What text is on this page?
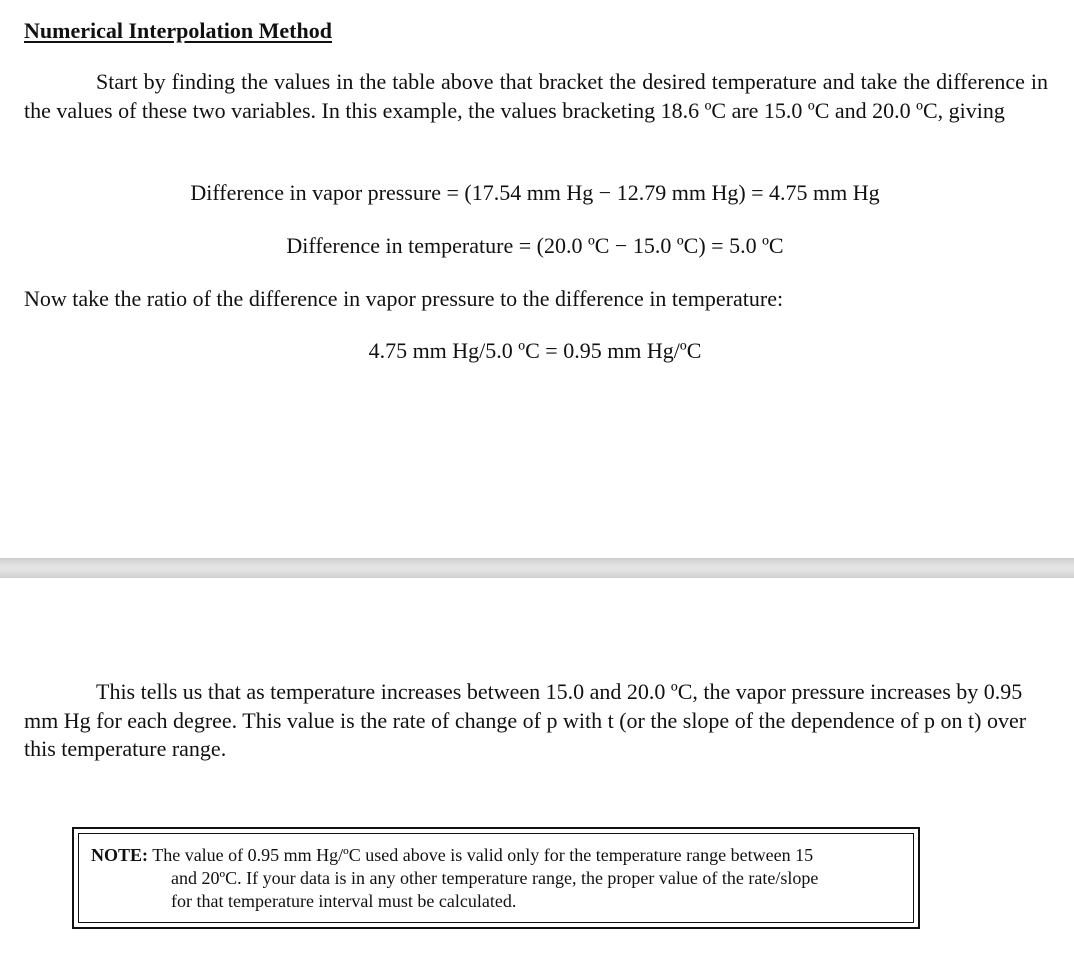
Numerical Interpolation Method

Start by finding the values in the table above that bracket the desired temperature and take the difference in the values of these two variables. In this example, the values bracketing 18.6 ºC are 15.0 ºC and 20.0 ºC, giving

Difference in vapor pressure = (17.54 mm Hg − 12.79 mm Hg) = 4.75 mm Hg

Difference in temperature = (20.0 ºC − 15.0 ºC) = 5.0 ºC

Now take the ratio of the difference in vapor pressure to the difference in temperature:

4.75 mm Hg/5.0 ºC = 0.95 mm Hg/ºC

This tells us that as temperature increases between 15.0 and 20.0 ºC, the vapor pressure increases by 0.95 mm Hg for each degree. This value is the rate of change of p with t (or the slope of the dependence of p on t) over this temperature range.

NOTE: The value of 0.95 mm Hg/ºC used above is valid only for the temperature range between 15
and 20ºC. If your data is in any other temperature range, the proper value of the rate/slope
for that temperature interval must be calculated.
